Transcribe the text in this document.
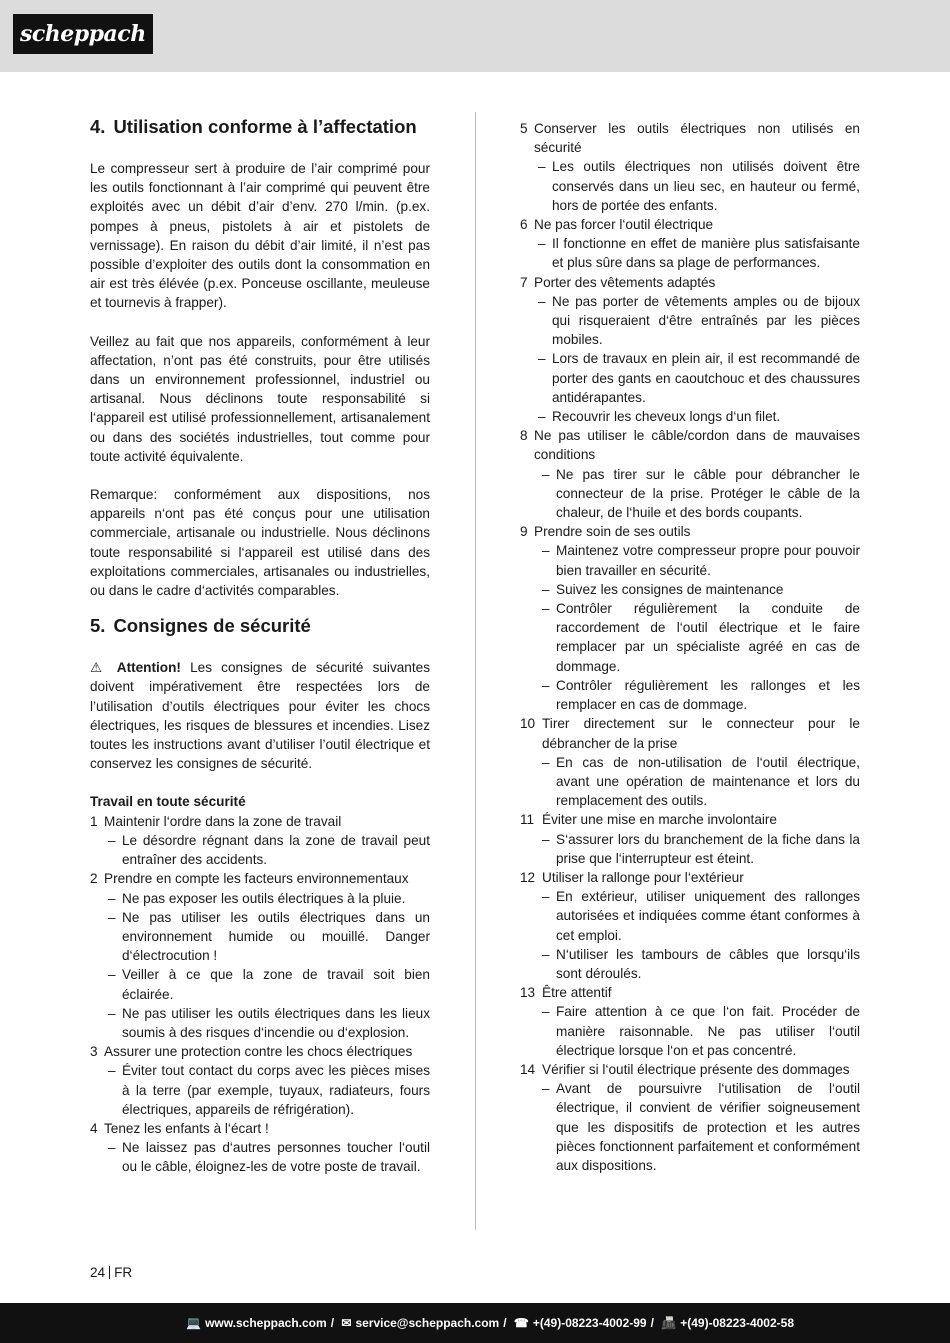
scheppach
4. Utilisation conforme à l’affectation

Le compresseur sert à produire de l’air comprimé pour les outils fonctionnant à l’air comprimé qui peuvent être exploités avec un débit d’air d’env. 270 l/min. (p.ex. pompes à pneus, pistolets à air et pistolets de vernissage). En raison du débit d’air limité, il n’est pas possible d’exploiter des outils dont la consommation en air est très élévée (p.ex. Ponceuse oscillante, meuleuse et tournevis à frapper).

Veillez au fait que nos appareils, conformément à leur affectation, n’ont pas été construits, pour être utilisés dans un environnement professionnel, industriel ou artisanal. Nous déclinons toute responsabilité si l‘appareil est utilisé professionnellement, artisanalement ou dans des sociétés industrielles, tout comme pour toute activité équivalente.

Remarque: conformément aux dispositions, nos appareils n‘ont pas été conçus pour une utilisation commerciale, artisanale ou industrielle. Nous déclinons toute responsabilité si l‘appareil est utilisé dans des exploitations commerciales, artisanales ou industrielles, ou dans le cadre d‘activités comparables.

5. Consignes de sécurité

⚠ Attention! Les consignes de sécurité suivantes doivent impérativement être respectées lors de l’utilisation d’outils électriques pour éviter les chocs électriques, les risques de blessures et incendies. Lisez toutes les instructions avant d’utiliser l’outil électrique et conservez les consignes de sécurité.

Travail en toute sécurité
1 Maintenir l‘ordre dans la zone de travail
– Le désordre régnant dans la zone de travail peut entraîner des accidents.
2 Prendre en compte les facteurs environnementaux
– Ne pas exposer les outils électriques à la pluie.
– Ne pas utiliser les outils électriques dans un environnement humide ou mouillé. Danger d‘électrocution !
– Veiller à ce que la zone de travail soit bien éclairée.
– Ne pas utiliser les outils électriques dans les lieux soumis à des risques d‘incendie ou d‘explosion.
3 Assurer une protection contre les chocs électriques
– Éviter tout contact du corps avec les pièces mises à la terre (par exemple, tuyaux, radiateurs, fours électriques, appareils de réfrigération).
4 Tenez les enfants à l‘écart !
– Ne laissez pas d‘autres personnes toucher l‘outil ou le câble, éloignez-les de votre poste de travail.
5 Conserver les outils électriques non utilisés en sécurité
– Les outils électriques non utilisés doivent être conservés dans un lieu sec, en hauteur ou fermé, hors de portée des enfants.
6 Ne pas forcer l‘outil électrique
– Il fonctionne en effet de manière plus satisfaisante et plus sûre dans sa plage de performances.
7 Porter des vêtements adaptés
– Ne pas porter de vêtements amples ou de bijoux qui risqueraient d‘être entraînés par les pièces mobiles.
– Lors de travaux en plein air, il est recommandé de porter des gants en caoutchouc et des chaussures antidérapantes.
– Recouvrir les cheveux longs d‘un filet.
8 Ne pas utiliser le câble/cordon dans de mauvaises conditions
– Ne pas tirer sur le câble pour débrancher le connecteur de la prise. Protéger le câble de la chaleur, de l‘huile et des bords coupants.
9 Prendre soin de ses outils
– Maintenez votre compresseur propre pour pouvoir bien travailler en sécurité.
– Suivez les consignes de maintenance
– Contrôler régulièrement la conduite de raccordement de l‘outil électrique et le faire remplacer par un spécialiste agréé en cas de dommage.
– Contrôler régulièrement les rallonges et les remplacer en cas de dommage.
10 Tirer directement sur le connecteur pour le débrancher de la prise
– En cas de non-utilisation de l‘outil électrique, avant une opération de maintenance et lors du remplacement des outils.
11 Éviter une mise en marche involontaire
– S‘assurer lors du branchement de la fiche dans la prise que l‘interrupteur est éteint.
12 Utiliser la rallonge pour l‘extérieur
– En extérieur, utiliser uniquement des rallonges autorisées et indiquées comme étant conformes à cet emploi.
– N‘utiliser les tambours de câbles que lorsqu‘ils sont déroulés.
13 Être attentif
– Faire attention à ce que l‘on fait. Procéder de manière raisonnable. Ne pas utiliser l‘outil électrique lorsque l‘on et pas concentré.
14 Vérifier si l‘outil électrique présente des dommages
– Avant de poursuivre l‘utilisation de l‘outil électrique, il convient de vérifier soigneusement que les dispositifs de protection et les autres pièces fonctionnent parfaitement et conformément aux dispositions.
24 FR
💻 www.scheppach.com / ✉ service@scheppach.com / ☎ +(49)-08223-4002-99 / 📠 +(49)-08223-4002-58
